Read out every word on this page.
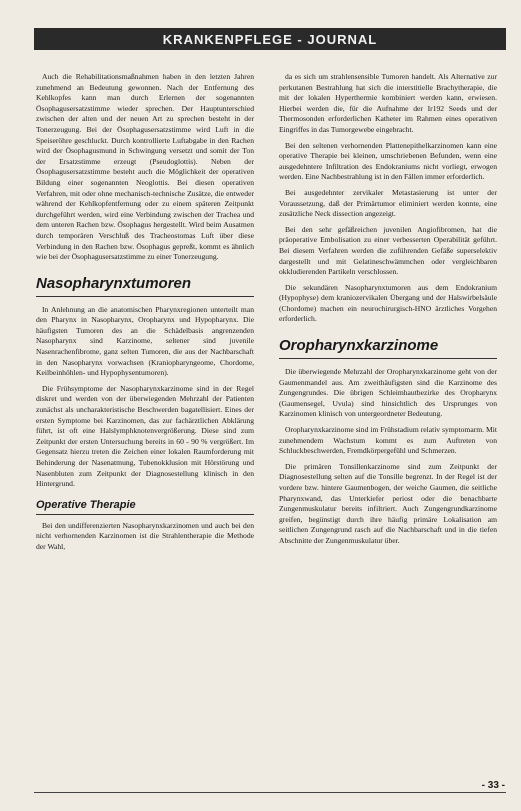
KRANKENPFLEGE - JOURNAL

Auch die Rehabilitationsmaßnahmen haben in den letzten Jahren zunehmend an Bedeutung gewonnen. Nach der Entfernung des Kehlkopfes kann man durch Erlernen der sogenannten Ösophagusersatzstimme wieder sprechen. Der Hauptunterschied zwischen der alten und der neuen Art zu sprechen besteht in der Tonerzeugung. Bei der Ösophagusersatzstimme wird Luft in die Speiseröhre geschluckt. Durch kontrollierte Luftabgabe in den Rachen wird der Ösophagusmund in Schwingung versetzt und somit der Ton der Ersatzstimme erzeugt (Pseudoglottis). Neben der Ösophagusersatzstimme besteht auch die Möglichkeit der operativen Bildung einer sogenannten Neoglottis. Bei diesen operativen Verfahren, mit oder ohne mechanisch-technische Zusätze, die entweder während der Kehlkopfentfernung oder zu einem späteren Zeitpunkt durchgeführt werden, wird eine Verbindung zwischen der Trachea und dem unteren Rachen bzw. Ösophagus hergestellt. Wird beim Ausatmen durch temporären Verschluß des Tracheostomas Luft über diese Verbindung in den Rachen bzw. Ösophagus gepreßt, kommt es ähnlich wie bei der Ösophagusersatzstimme zu einer Tonerzeugung.

Nasopharynxtumoren

In Anlehnung an die anatomischen Pharynxregionen unterteilt man den Pharynx in Nasopharynx, Oropharynx und Hypopharynx. Die häufigsten Tumoren des an die Schädelbasis angrenzenden Nasopharynx sind Karzinome, seltener sind juvenile Nasenrachenfibrome, ganz selten Tumoren, die aus der Nachbarschaft in den Nasopharynx vorwachsen (Kraniopharyngeome, Chordome, Keilbeinhöhlen- und Hypophysentumoren).

Die Frühsymptome der Nasopharynxkarzinome sind in der Regel diskret und werden von der überwiegenden Mehrzahl der Patienten zunächst als uncharakteristische Beschwerden bagatellisiert. Eines der ersten Symptome bei Karzinomen, das zur fachärztlichen Abklärung führt, ist oft eine Halslymphknotenvergrößerung. Diese sind zum Zeitpunkt der ersten Untersuchung bereits in 60 - 90 % vergrößert. Im Gegensatz hierzu treten die Zeichen einer lokalen Raumforderung mit Behinderung der Nasenatmung, Tubenokklusion mit Hörstörung und Nasenbluten zum Zeitpunkt der Diagnosestellung klinisch in den Hintergrund.

Operative Therapie

Bei den undifferenzierten Nasopharynxkarzinomen und auch bei den nicht verhornenden Karzinomen ist die Strahlentherapie die Methode der Wahl,

da es sich um strahlensensible Tumoren handelt. Als Alternative zur perkutanen Bestrahlung hat sich die interstitielle Brachytherapie, die mit der lokalen Hyperthermie kombiniert werden kann, erwiesen. Hierbei werden die, für die Aufnahme der Ir192 Seeds und der Thermosonden erforderlichen Katheter im Rahmen eines operativen Eingriffes in das Tumorgewebe eingebracht.

Bei den seltenen verhornenden Plattenepithelkarzinomen kann eine operative Therapie bei kleinen, umschriebenen Befunden, wenn eine ausgedehntere Infiltration des Endokraniums nicht vorliegt, erwogen werden. Eine Nachbestrahlung ist in den Fällen immer erforderlich.

Bei ausgedehnter zervikaler Metastasierung ist unter der Voraussetzung, daß der Primärtumor eliminiert werden konnte, eine zusätzliche Neck dissection angezeigt.

Bei den sehr gefäßreichen juvenilen Angiofibromen, hat die präoperative Embolisation zu einer verbesserten Operabilität geführt. Bei diesem Verfahren werden die zuführenden Gefäße superselektiv dargestellt und mit Gelatineschwämmchen oder vergleichbaren okkludierenden Partikeln verschlossen.

Die sekundären Nasopharynxtumoren aus dem Endokranium (Hypophyse) dem kraniozervikalen Übergang und der Halswirbelsäule (Chordome) machen ein neurochirurgisch-HNO ärztliches Vorgehen erforderlich.

Oropharynxkarzinome

Die überwiegende Mehrzahl der Oropharynxkarzinome geht von der Gaumenmandel aus. Am zweithäufigsten sind die Karzinome des Zungengrundes. Die übrigen Schleimhautbezirke des Oropharynx (Gaumensegel, Uvula) sind hinsichtlich des Ursprunges von Karzinomen klinisch von untergeordneter Bedeutung.

Oropharynxkarzinome sind im Frühstadium relativ symptomarm. Mit zunehmendem Wachstum kommt es zum Auftreten von Schluckbeschwerden, Fremdkörpergefühl und Schmerzen.

Die primären Tonsillenkarzinome sind zum Zeitpunkt der Diagnosestellung selten auf die Tonsille begrenzt. In der Regel ist der vordere bzw. hintere Gaumenbogen, der weiche Gaumen, die seitliche Pharynxwand, das Unterkiefer periost oder die benachbarte Zungenmuskulatur bereits infiltriert. Auch Zungengrundkarzinome greifen, begünstigt durch ihre häufig primäre Lokalisation am seitlichen Zungengrund rasch auf die Nachbarschaft und in die tiefen Abschnitte der Zungenmuskulatur über.

- 33 -
